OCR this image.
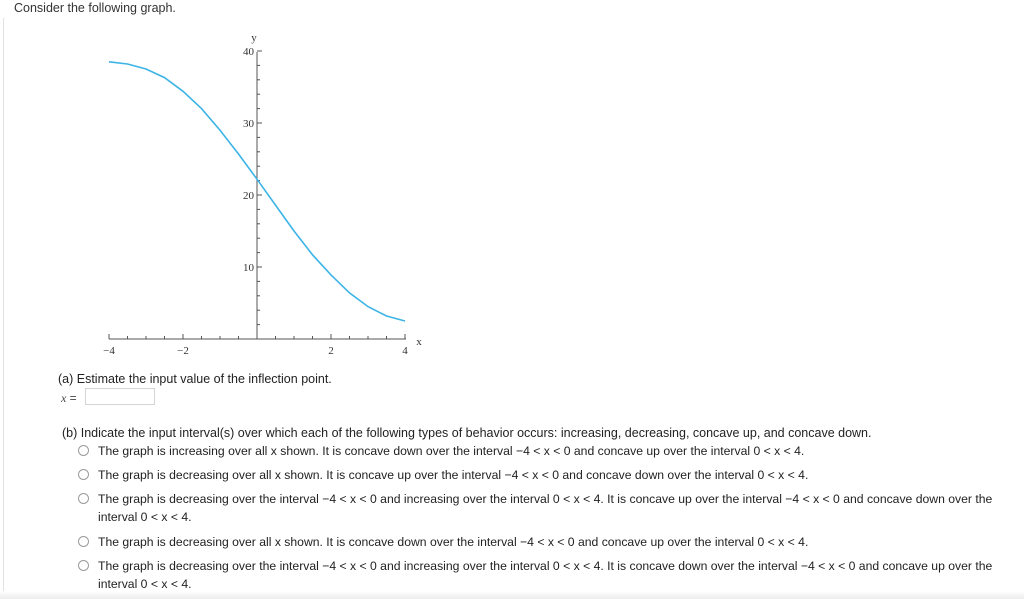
Consider the following graph.
y
x
40
30
20
10
−4	−2	2	4
(a) Estimate the input value of the inflection point.
x =
(b) Indicate the input interval(s) over which each of the following types of behavior occurs: increasing, decreasing, concave up, and concave down.
The graph is increasing over all x shown. It is concave down over the interval −4 < x < 0 and concave up over the interval 0 < x < 4.
The graph is decreasing over all x shown. It is concave up over the interval −4 < x < 0 and concave down over the interval 0 < x < 4.
The graph is decreasing over the interval −4 < x < 0 and increasing over the interval 0 < x < 4. It is concave up over the interval −4 < x < 0 and concave down over the interval 0 < x < 4.
The graph is decreasing over all x shown. It is concave down over the interval −4 < x < 0 and concave up over the interval 0 < x < 4.
The graph is decreasing over the interval −4 < x < 0 and increasing over the interval 0 < x < 4. It is concave down over the interval −4 < x < 0 and concave up over the interval 0 < x < 4.
